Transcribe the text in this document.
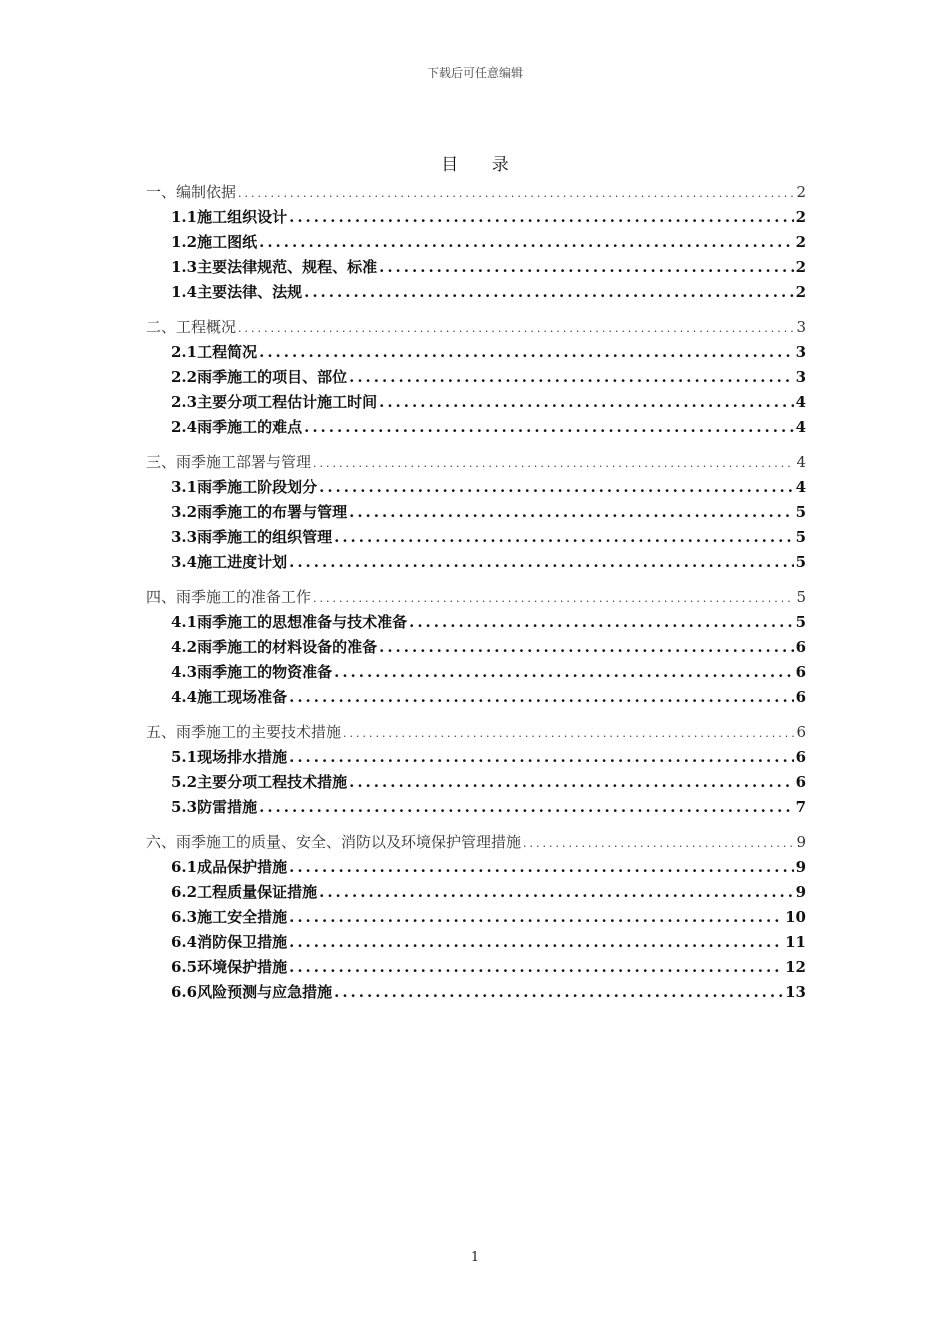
下载后可任意编辑
目 录
一、编制依据 .....	2
1.1施工组织设计 .....	2
1.2施工图纸 .....	2
1.3主要法律规范、规程、标准 .....	2
1.4主要法律、法规 .....	2
二、工程概况 .....	3
2.1工程简况 .....	3
2.2雨季施工的项目、部位 .....	3
2.3主要分项工程估计施工时间 .....	4
2.4雨季施工的难点 .....	4
三、雨季施工部署与管理 .....	4
3.1雨季施工阶段划分 .....	4
3.2雨季施工的布署与管理 .....	5
3.3雨季施工的组织管理 .....	5
3.4施工进度计划 .....	5
四、雨季施工的准备工作 .....	5
4.1雨季施工的思想准备与技术准备 .....	5
4.2雨季施工的材料设备的准备 .....	6
4.3雨季施工的物资准备 .....	6
4.4施工现场准备 .....	6
五、雨季施工的主要技术措施 .....	6
5.1现场排水措施 .....	6
5.2主要分项工程技术措施 .....	6
5.3防雷措施 .....	7
六、雨季施工的质量、安全、消防以及环境保护管理措施 .....	9
6.1成品保护措施 .....	9
6.2工程质量保证措施 .....	9
6.3施工安全措施 .....	10
6.4消防保卫措施 .....	11
6.5环境保护措施 .....	12
6.6风险预测与应急措施 .....	13
1
